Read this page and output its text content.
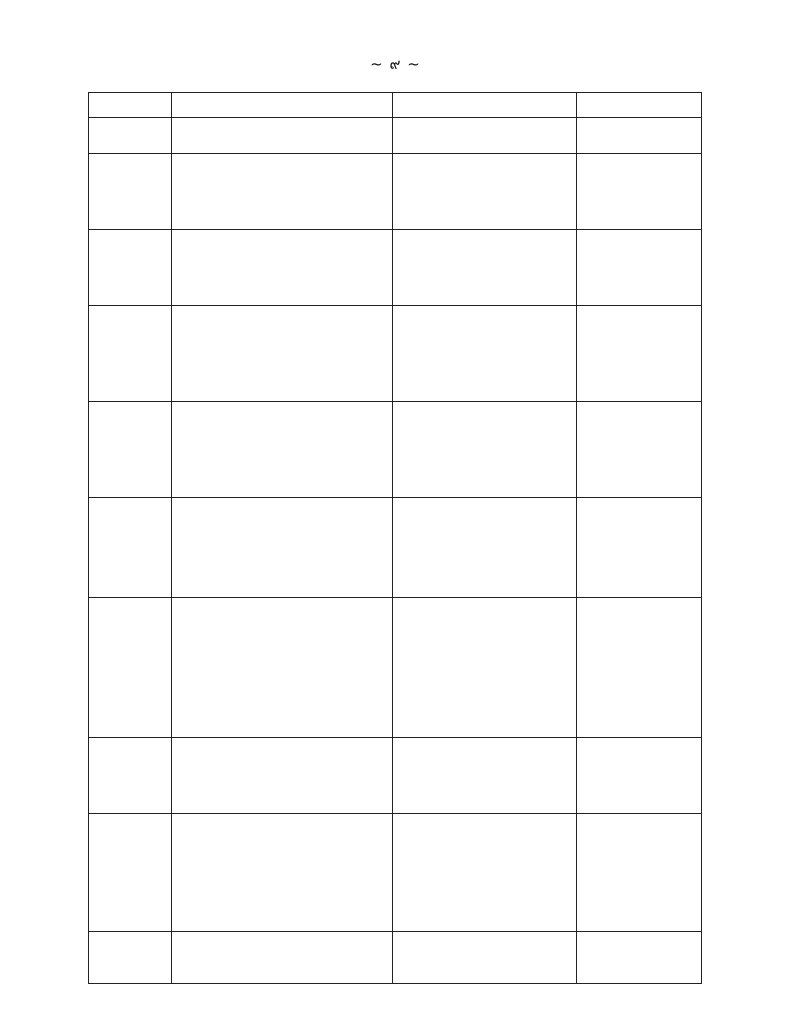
~ ๙ ~
